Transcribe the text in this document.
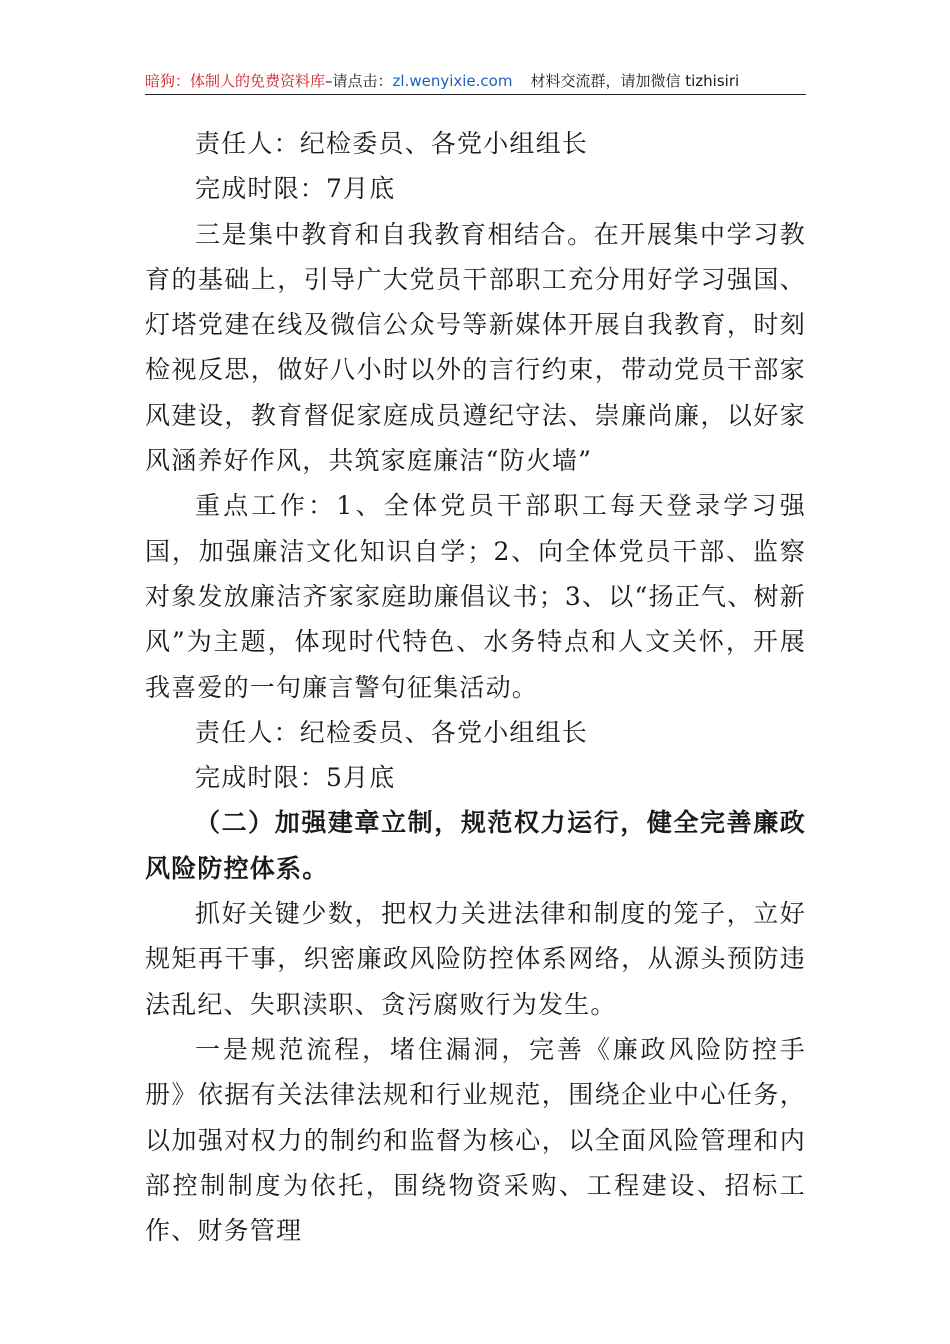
暗狗：体制人的免费资料库–请点击：zl.wenyixie.com 材料交流群，请加微信 tizhisiri

责任人：纪检委员、各党小组组长

完成时限：7月底

三是集中教育和自我教育相结合。在开展集中学习教育的基础上，引导广大党员干部职工充分用好学习强国、灯塔党建在线及微信公众号等新媒体开展自我教育，时刻检视反思，做好八小时以外的言行约束，带动党员干部家风建设，教育督促家庭成员遵纪守法、崇廉尚廉，以好家风涵养好作风，共筑家庭廉洁“防火墙”

重点工作：1、全体党员干部职工每天登录学习强国，加强廉洁文化知识自学；2、向全体党员干部、监察对象发放廉洁齐家家庭助廉倡议书；3、以“扬正气、树新风”为主题，体现时代特色、水务特点和人文关怀，开展我喜爱的一句廉言警句征集活动。

责任人：纪检委员、各党小组组长

完成时限：5月底

（二）加强建章立制，规范权力运行，健全完善廉政风险防控体系。

抓好关键少数，把权力关进法律和制度的笼子，立好规矩再干事，织密廉政风险防控体系网络，从源头预防违法乱纪、失职渎职、贪污腐败行为发生。

一是规范流程，堵住漏洞，完善《廉政风险防控手册》依据有关法律法规和行业规范，围绕企业中心任务，以加强对权力的制约和监督为核心，以全面风险管理和内部控制制度为依托，围绕物资采购、工程建设、招标工作、财务管理
